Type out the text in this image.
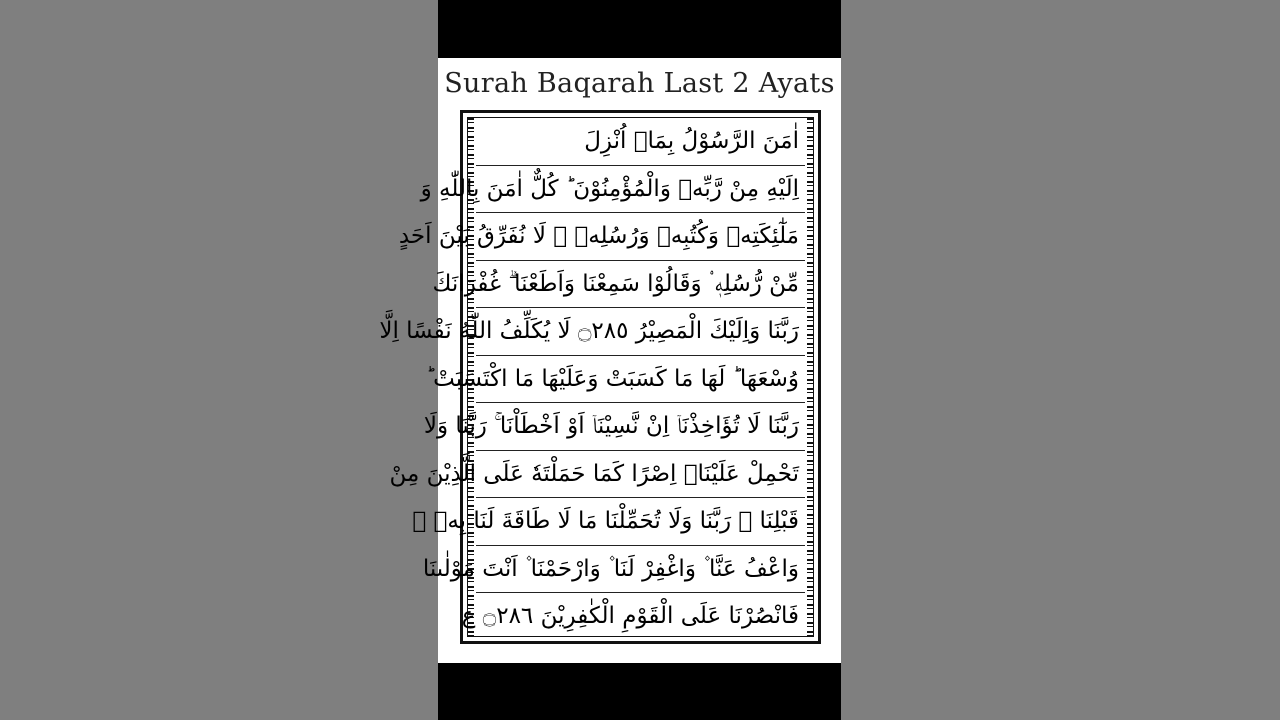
Surah Baqarah Last 2 Ayats
اٰمَنَ الرَّسُوْلُ بِمَاۤ اُنْزِلَ
اِلَيْهِ مِنْ رَّبِّهٖ وَالْمُؤْمِنُوْنَ ؕ كُلٌّ اٰمَنَ بِاللّٰهِ وَ
مَلٰٓئِكَتِهٖ وَكُتُبِهٖ وَرُسُلِهٖ ۟ لَا نُفَرِّقُ بَيْنَ اَحَدٍ
مِّنْ رُّسُلِهٖ ۟ وَقَالُوْا سَمِعْنَا وَاَطَعْنَا ۗ غُفْرَانَكَ
رَبَّنَا وَاِلَيْكَ الْمَصِيْرُ ۝٢٨٥ لَا يُكَلِّفُ اللّٰهُ نَفْسًا اِلَّا
وُسْعَهَا ؕ لَهَا مَا كَسَبَتْ وَعَلَيْهَا مَا اكْتَسَبَتْ ؕ
رَبَّنَا لَا تُؤَاخِذْنَاۤ اِنْ نَّسِيْنَاۤ اَوْ اَخْطَاْنَا ۚ رَبَّنَا وَلَا
تَحْمِلْ عَلَيْنَاۤ اِصْرًا كَمَا حَمَلْتَهٗ عَلَى الَّذِيْنَ مِنْ
قَبْلِنَا ۚ رَبَّنَا وَلَا تُحَمِّلْنَا مَا لَا طَاقَةَ لَنَا بِهٖ ۚ
وَاعْفُ عَنَّا ۫ وَاغْفِرْ لَنَا ۫ وَارْحَمْنَا ۫ اَنْتَ مَوْلٰىنَا
فَانْصُرْنَا عَلَى الْقَوْمِ الْكٰفِرِيْنَ ۝٢٨٦ ع
